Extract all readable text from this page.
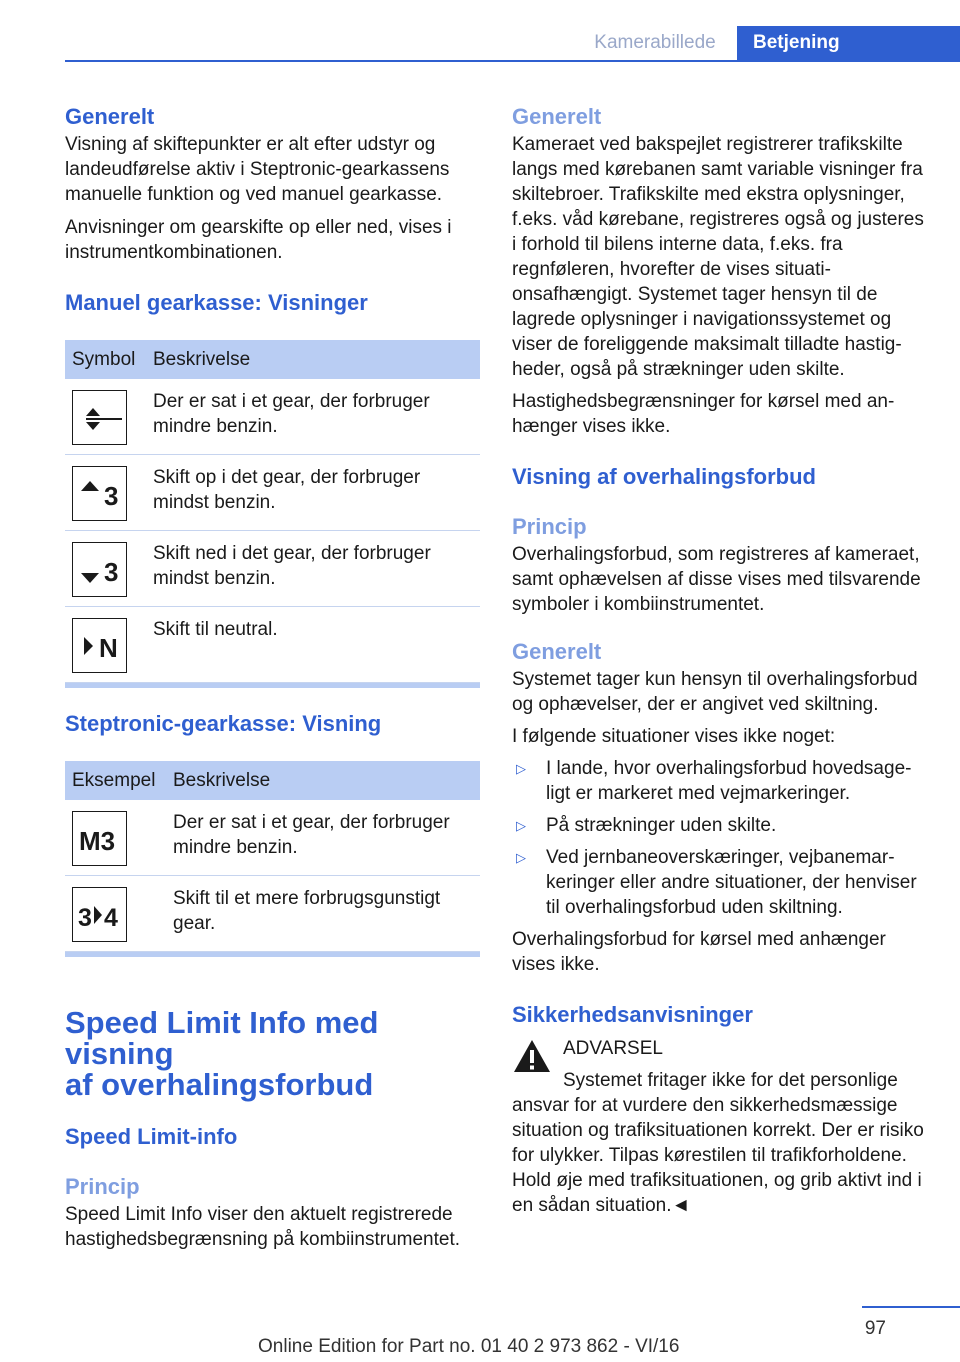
Kamerabillede	Betjening
Generelt

Visning af skiftepunkter er alt efter udstyr og landeudførelse aktiv i Steptronic-gearkassens manuelle funktion og ved manuel gearkasse.

Anvisninger om gearskifte op eller ned, vises i instrumentkombinationen.

Manuel gearkasse: Visninger
Symbol Beskrivelse
Der er sat i et gear, der forbruger mindre benzin.
3
Skift op i det gear, der forbruger mindst benzin.
3
Skift ned i det gear, der forbruger mindst benzin.
N
Skift til neutral.
Steptronic-gearkasse: Visning
Eksempel Beskrivelse
M3
Der er sat i et gear, der forbruger mindre benzin.
3 4
Skift til et mere forbrugsgunstigt gear.
Speed Limit Info med visning
af overhalingsforbud
Speed Limit-info
Princip

Speed Limit Info viser den aktuelt registrerede hastighedsbegrænsning på kombiinstrumentet.

Generelt

Kameraet ved bakspejlet registrerer trafikskilte langs med kørebanen samt variable visninger fra skiltebroer. Trafikskilte med ekstra oplysninger, f.eks. våd kørebane, registreres også og justeres i forhold til bilens interne data, f.eks. fra regnføleren, hvorefter de vises situationsafhængigt. Systemet tager hensyn til de lagrede oplysninger i navigationssystemet og viser de foreliggende maksimalt tilladte hastigheder, også på strækninger uden skilte.

Hastighedsbegrænsninger for kørsel med anhænger vises ikke.

Visning af overhalingsforbud
Princip

Overhalingsforbud, som registreres af kameraet, samt ophævelsen af disse vises med tilsvarende symboler i kombiinstrumentet.

Generelt

Systemet tager kun hensyn til overhalingsforbud og ophævelser, der er angivet ved skiltning.

I følgende situationer vises ikke noget:

▷ I lande, hvor overhalingsforbud hovedsageligt er markeret med vejmarkeringer.
▷ På strækninger uden skilte.
▷ Ved jernbaneoverskæringer, vejbanemarkeringer eller andre situationer, der henviser til overhalingsforbud uden skiltning.

Overhalingsforbud for kørsel med anhænger vises ikke.

Sikkerhedsanvisninger
ADVARSEL

Systemet fritager ikke for det personlige ansvar for at vurdere den sikkerhedsmæssige situation og trafiksituationen korrekt. Der er risiko for ulykker. Tilpas kørestilen til trafikforholdene. Hold øje med trafiksituationen, og grib aktivt ind i en sådan situation.◄

97
Online Edition for Part no. 01 40 2 973 862 - VI/16
